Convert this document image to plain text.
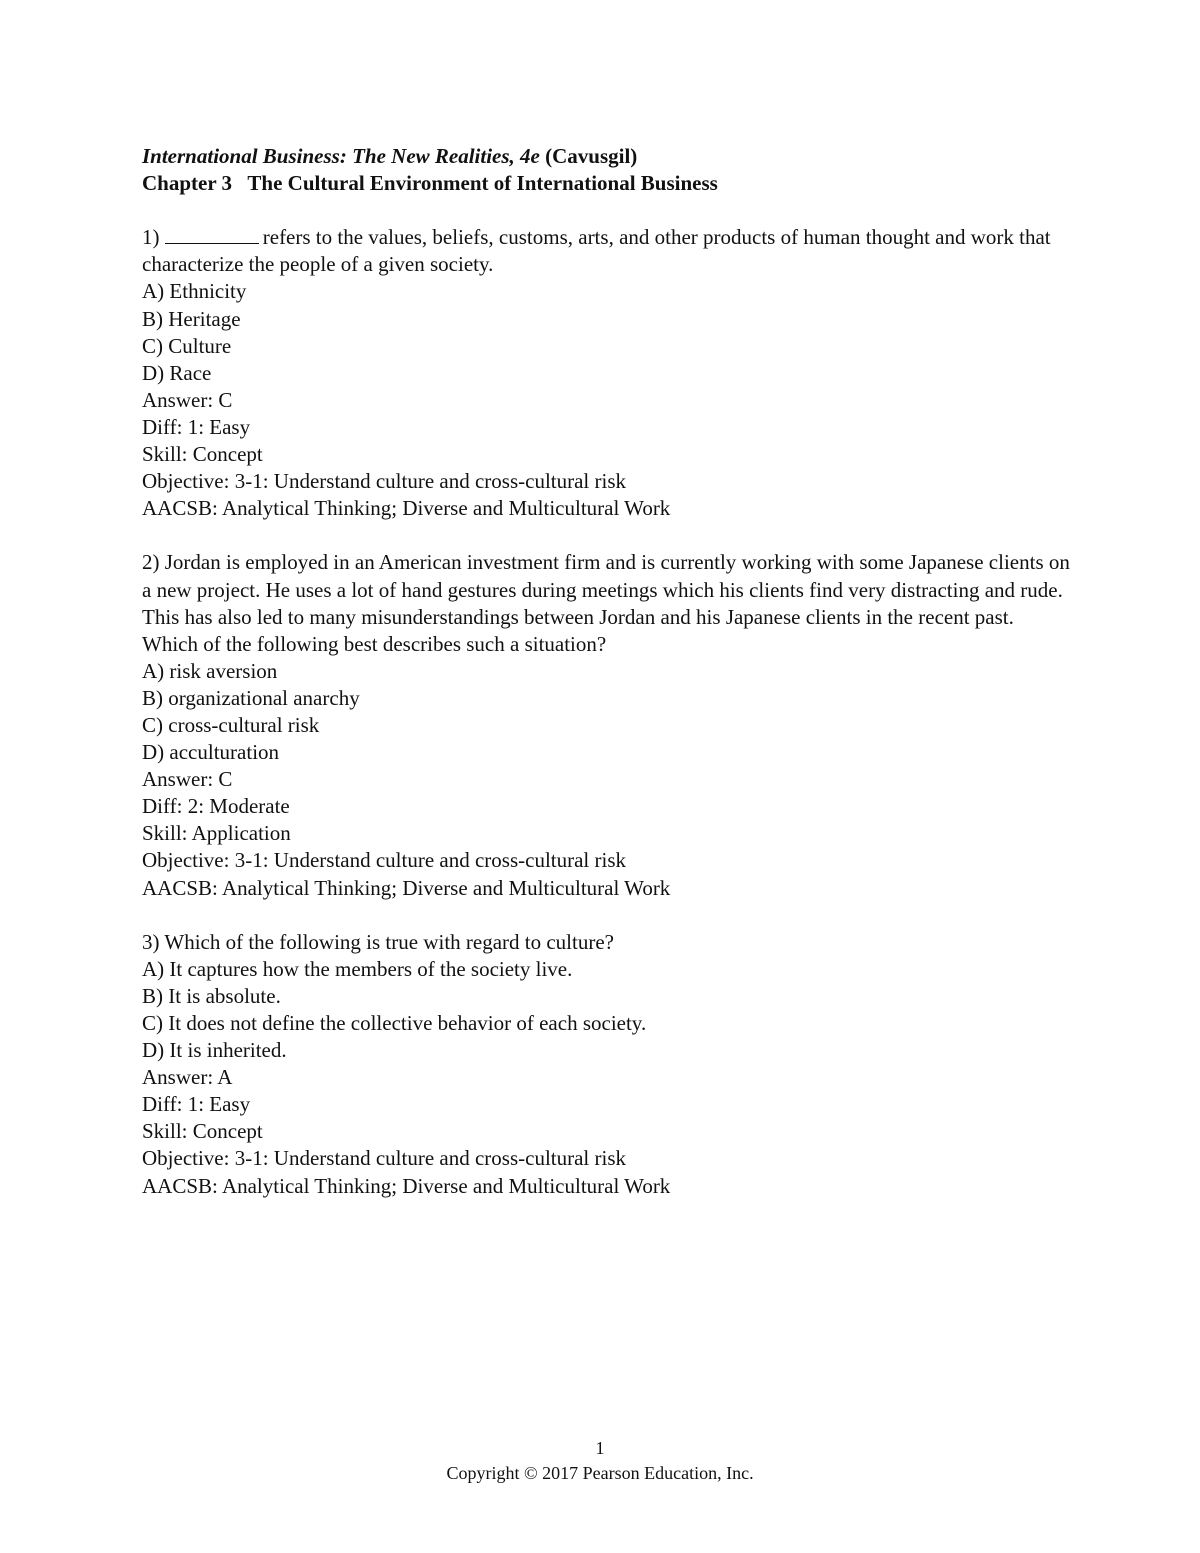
International Business: The New Realities, 4e (Cavusgil)
Chapter 3 The Cultural Environment of International Business
1)	refers to the values, beliefs, customs, arts, and other products of human thought and work that characterize the people of a given society.
A) Ethnicity
B) Heritage
C) Culture
D) Race
Answer: C
Diff: 1: Easy
Skill: Concept
Objective: 3-1: Understand culture and cross-cultural risk
AACSB: Analytical Thinking; Diverse and Multicultural Work
2) Jordan is employed in an American investment firm and is currently working with some Japanese clients on a new project. He uses a lot of hand gestures during meetings which his clients find very distracting and rude. This has also led to many misunderstandings between Jordan and his Japanese clients in the recent past. Which of the following best describes such a situation?
A) risk aversion
B) organizational anarchy
C) cross-cultural risk
D) acculturation
Answer: C
Diff: 2: Moderate
Skill: Application
Objective: 3-1: Understand culture and cross-cultural risk
AACSB: Analytical Thinking; Diverse and Multicultural Work
3) Which of the following is true with regard to culture?
A) It captures how the members of the society live.
B) It is absolute.
C) It does not define the collective behavior of each society.
D) It is inherited.
Answer: A
Diff: 1: Easy
Skill: Concept
Objective: 3-1: Understand culture and cross-cultural risk
AACSB: Analytical Thinking; Diverse and Multicultural Work
1
Copyright © 2017 Pearson Education, Inc.
